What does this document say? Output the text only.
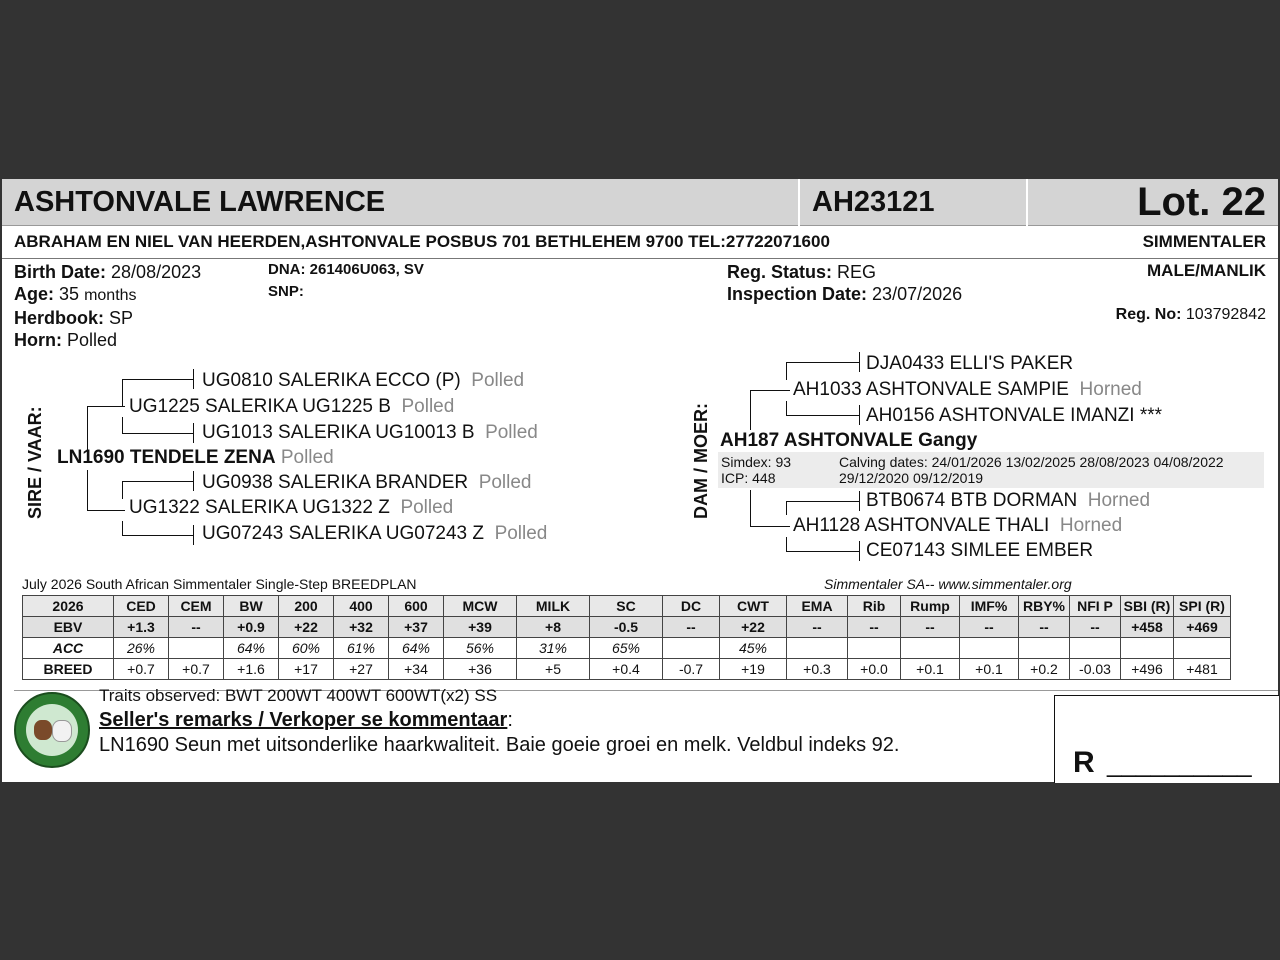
ASHTONVALE LAWRENCE	AH23121	Lot. 22
ABRAHAM EN NIEL VAN HEERDEN,ASHTONVALE POSBUS 701 BETHLEHEM 9700 TEL:27722071600	SIMMENTALER
Birth Date: 28/08/2023
Age: 35 months
Herdbook: SP
Horn: Polled
DNA: 261406U063, SV
SNP:
Reg. Status: REG
Inspection Date: 23/07/2026
MALE/MANLIK
Reg. No: 103792842
SIRE / VAAR:
UG0810 SALERIKA ECCO (P) Polled
UG1225 SALERIKA UG1225 B Polled
UG1013 SALERIKA UG10013 B Polled
LN1690 TENDELE ZENA Polled
UG0938 SALERIKA BRANDER Polled
UG1322 SALERIKA UG1322 Z Polled
UG07243 SALERIKA UG07243 Z Polled
DAM / MOER:
DJA0433 ELLI'S PAKER
AH1033 ASHTONVALE SAMPIE Horned
AH0156 ASHTONVALE IMANZI ***
AH187 ASHTONVALE Gangy
Simdex: 93
ICP: 448
Calving dates: 24/01/2026 13/02/2025 28/08/2023 04/08/2022
29/12/2020 09/12/2019
BTB0674 BTB DORMAN Horned
AH1128 ASHTONVALE THALI Horned
CE07143 SIMLEE EMBER
July 2026 South African Simmentaler Single-Step BREEDPLAN	Simmentaler SA-- www.simmentaler.org
2026	CED	CEM	BW	200	400	600	MCW	MILK	SC	DC	CWT	EMA	Rib	Rump	IMF%	RBY%	NFI P	SBI (R)	SPI (R)
EBV	+1.3	--	+0.9	+22	+32	+37	+39	+8	-0.5	--	+22	--	--	--	--	--	--	+458	+469
ACC	26%		64%	60%	61%	64%	56%	31%	65%		45%								
BREED	+0.7	+0.7	+1.6	+17	+27	+34	+36	+5	+0.4	-0.7	+19	+0.3	+0.0	+0.1	+0.1	+0.2	-0.03	+496	+481
Traits observed: BWT 200WT 400WT 600WT(x2) SS
Seller's remarks / Verkoper se kommentaar:
LN1690 Seun met uitsonderlike haarkwaliteit. Baie goeie groei en melk. Veldbul indeks 92.
R __________
